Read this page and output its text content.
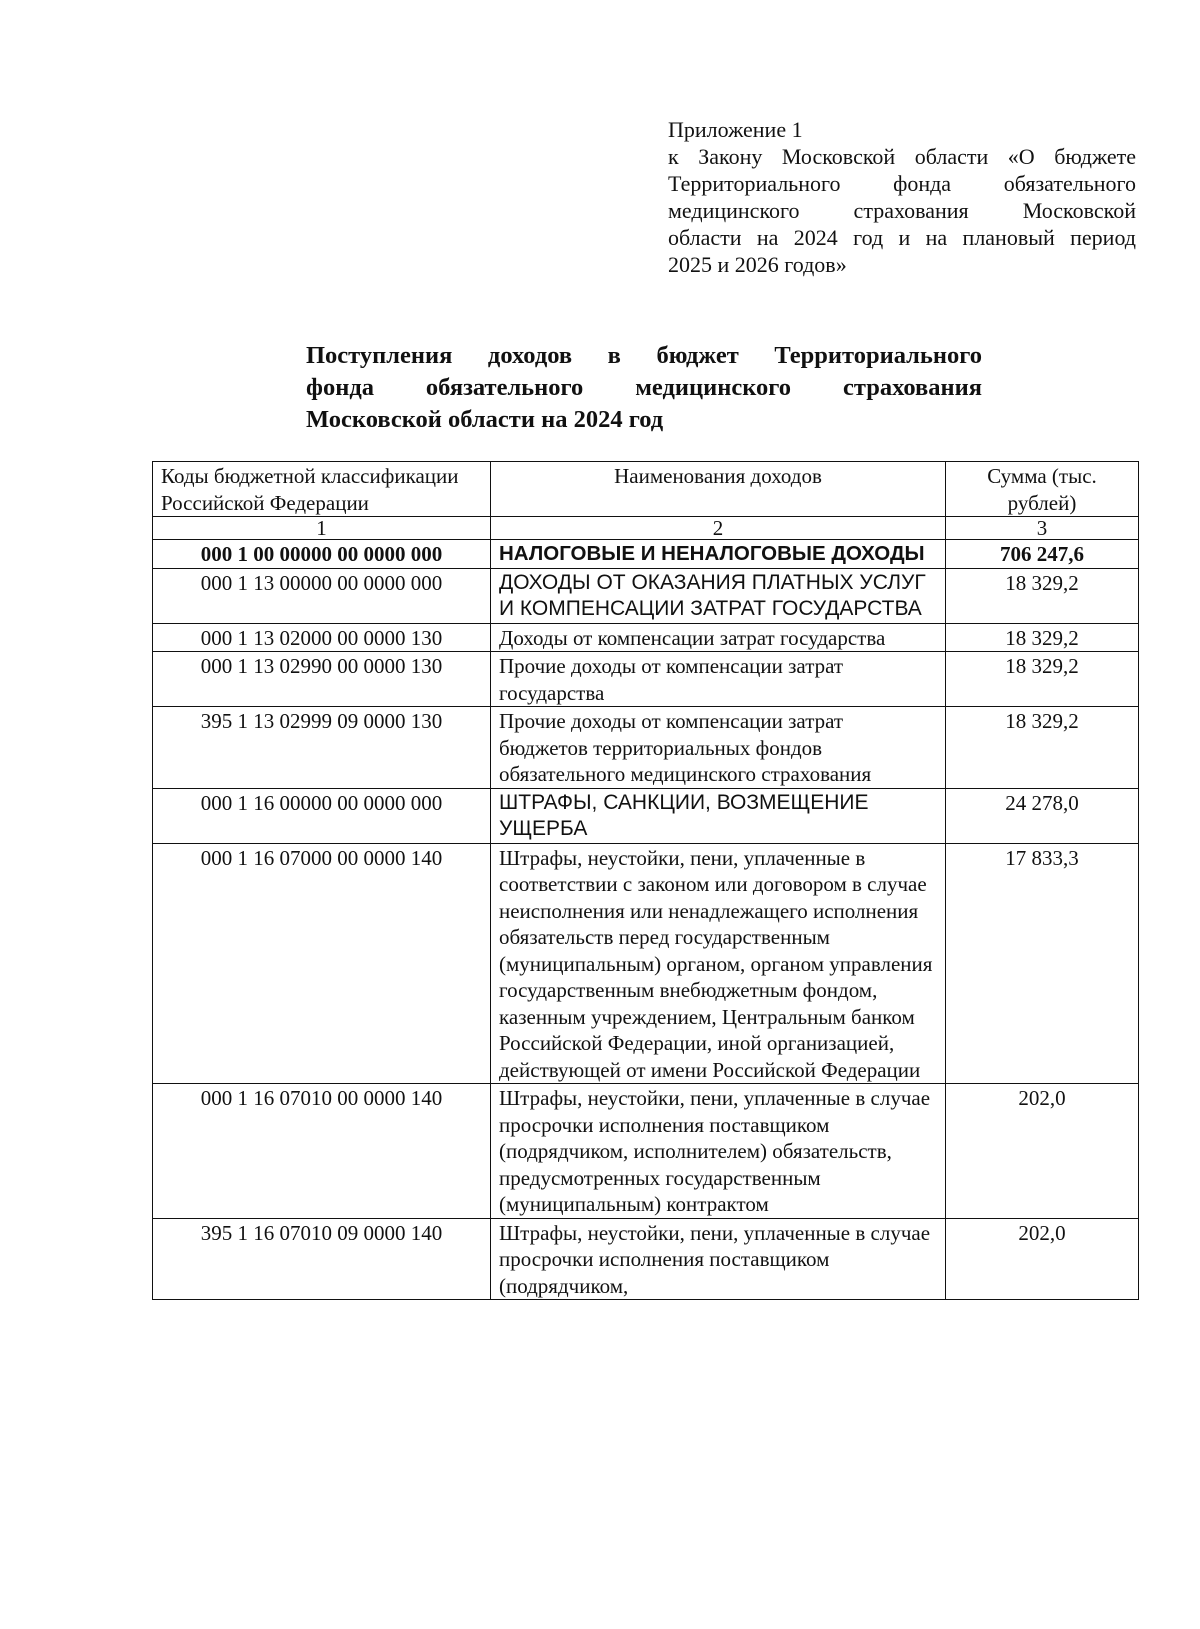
Приложение 1
к Закону Московской области «О бюджете
Территориального фонда обязательного
медицинского страхования Московской
области на 2024 год и на плановый период
2025 и 2026 годов»
Поступления доходов в бюджет Территориального
фонда обязательного медицинского страхования
Московской области на 2024 год
Коды бюджетной классификации Российской Федерации	Наименования доходов	Сумма (тыс. рублей)
1	2	3
000 1 00 00000 00 0000 000	НАЛОГОВЫЕ И НЕНАЛОГОВЫЕ ДОХОДЫ	706 247,6
000 1 13 00000 00 0000 000	ДОХОДЫ ОТ ОКАЗАНИЯ ПЛАТНЫХ УСЛУГ И КОМПЕНСАЦИИ ЗАТРАТ ГОСУДАРСТВА	18 329,2
000 1 13 02000 00 0000 130	Доходы от компенсации затрат государства	18 329,2
000 1 13 02990 00 0000 130	Прочие доходы от компенсации затрат государства	18 329,2
395 1 13 02999 09 0000 130	Прочие доходы от компенсации затрат бюджетов территориальных фондов обязательного медицинского страхования	18 329,2
000 1 16 00000 00 0000 000	ШТРАФЫ, САНКЦИИ, ВОЗМЕЩЕНИЕ УЩЕРБА	24 278,0
000 1 16 07000 00 0000 140	Штрафы, неустойки, пени, уплаченные в соответствии с законом или договором в случае неисполнения или ненадлежащего исполнения обязательств перед государственным (муниципальным) органом, органом управления государственным внебюджетным фондом, казенным учреждением, Центральным банком Российской Федерации, иной организацией, действующей от имени Российской Федерации	17 833,3
000 1 16 07010 00 0000 140	Штрафы, неустойки, пени, уплаченные в случае просрочки исполнения поставщиком (подрядчиком, исполнителем) обязательств, предусмотренных государственным (муниципальным) контрактом	202,0
395 1 16 07010 09 0000 140	Штрафы, неустойки, пени, уплаченные в случае просрочки исполнения поставщиком (подрядчиком,	202,0
